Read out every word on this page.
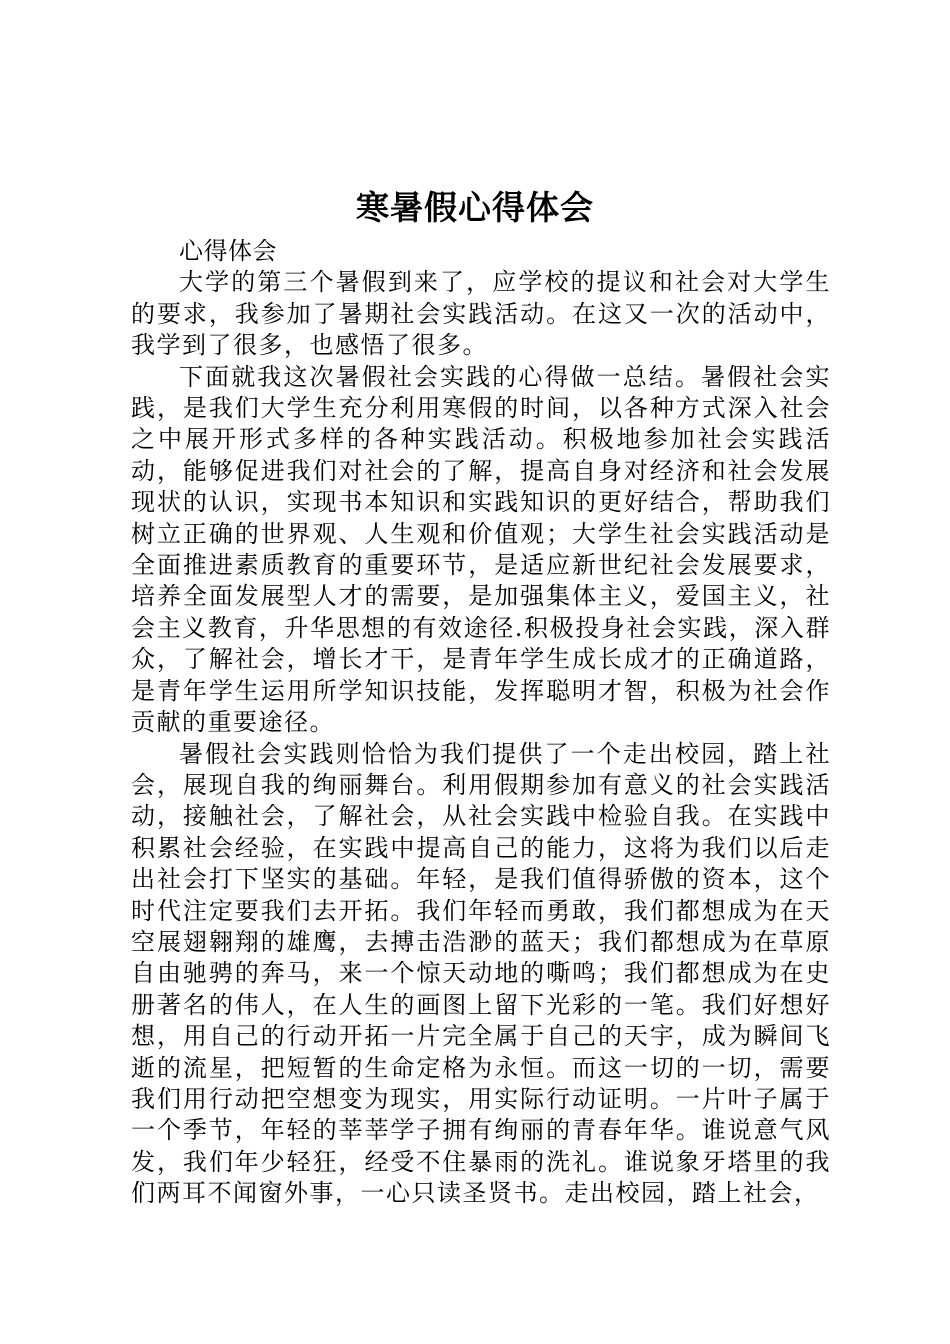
寒暑假心得体会

心得体会

大学的第三个暑假到来了，应学校的提议和社会对大学生的要求，我参加了暑期社会实践活动。在这又一次的活动中，我学到了很多，也感悟了很多。

下面就我这次暑假社会实践的心得做一总结。暑假社会实践，是我们大学生充分利用寒假的时间，以各种方式深入社会之中展开形式多样的各种实践活动。积极地参加社会实践活动，能够促进我们对社会的了解，提高自身对经济和社会发展现状的认识，实现书本知识和实践知识的更好结合，帮助我们树立正确的世界观、人生观和价值观；大学生社会实践活动是全面推进素质教育的重要环节，是适应新世纪社会发展要求，培养全面发展型人才的需要，是加强集体主义，爱国主义，社会主义教育，升华思想的有效途径.积极投身社会实践，深入群众，了解社会，增长才干，是青年学生成长成才的正确道路，是青年学生运用所学知识技能，发挥聪明才智，积极为社会作贡献的重要途径。

暑假社会实践则恰恰为我们提供了一个走出校园，踏上社会，展现自我的绚丽舞台。利用假期参加有意义的社会实践活动，接触社会，了解社会，从社会实践中检验自我。在实践中积累社会经验，在实践中提高自己的能力，这将为我们以后走出社会打下坚实的基础。年轻，是我们值得骄傲的资本，这个时代注定要我们去开拓。我们年轻而勇敢，我们都想成为在天空展翅翱翔的雄鹰，去搏击浩渺的蓝天；我们都想成为在草原自由驰骋的奔马，来一个惊天动地的嘶鸣；我们都想成为在史册著名的伟人，在人生的画图上留下光彩的一笔。我们好想好想，用自己的行动开拓一片完全属于自己的天宇，成为瞬间飞逝的流星，把短暂的生命定格为永恒。而这一切的一切，需要我们用行动把空想变为现实，用实际行动证明。一片叶子属于一个季节，年轻的莘莘学子拥有绚丽的青春年华。谁说意气风发，我们年少轻狂，经受不住暴雨的洗礼。谁说象牙塔里的我们两耳不闻窗外事，一心只读圣贤书。走出校园，踏上社会，
